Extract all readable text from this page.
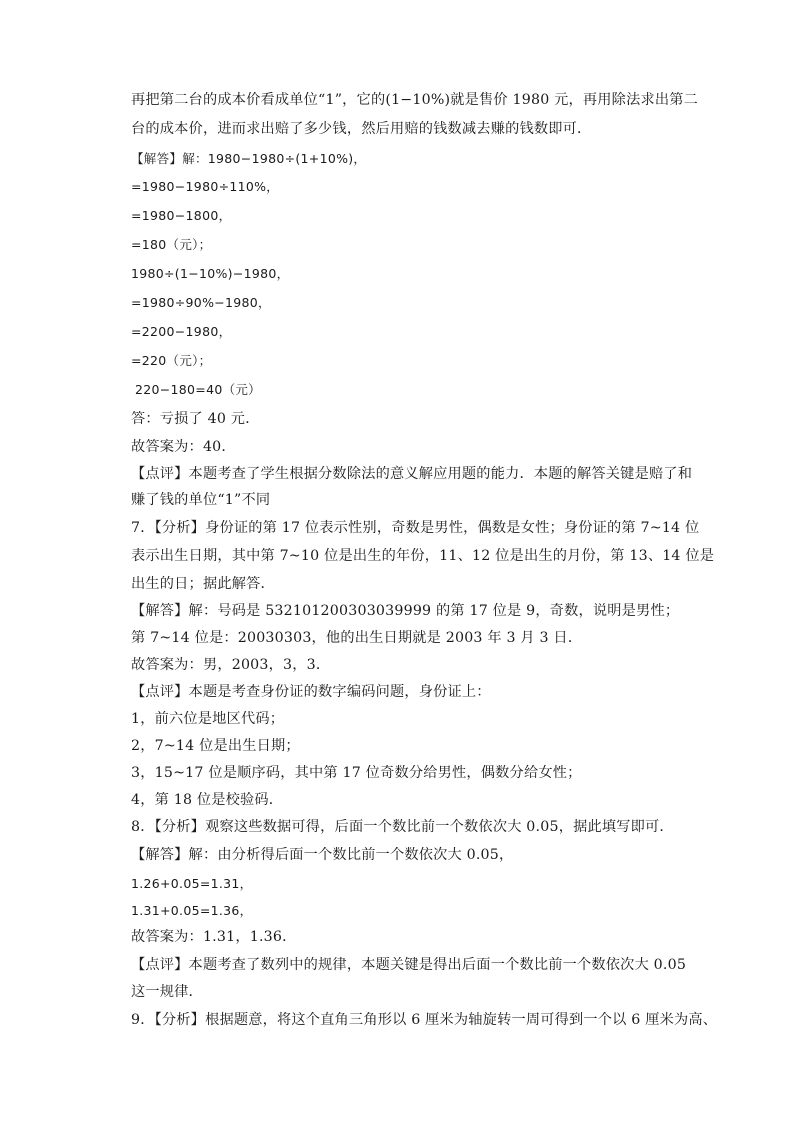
再把第二台的成本价看成单位“1”，它的(1−10%)就是售价 1980 元，再用除法求出第二
台的成本价，进而求出赔了多少钱，然后用赔的钱数减去赚的钱数即可．
【解答】解：1980−1980÷(1+10%)，
=1980−1980÷110%，
=1980−1800，
=180（元）；
1980÷(1−10%)−1980，
=1980÷90%−1980，
=2200−1980，
=220（元）；
220−180=40（元）
答：亏损了 40 元．
故答案为：40．
【点评】本题考查了学生根据分数除法的意义解应用题的能力．本题的解答关键是赔了和
赚了钱的单位“1”不同
7．【分析】身份证的第 17 位表示性别，奇数是男性，偶数是女性；身份证的第 7~14 位
表示出生日期，其中第 7~10 位是出生的年份，11、12 位是出生的月份，第 13、14 位是
出生的日；据此解答．
【解答】解：号码是 532101200303039999 的第 17 位是 9，奇数，说明是男性；
第 7~14 位是：20030303，他的出生日期就是 2003 年 3 月 3 日．
故答案为：男，2003，3，3．
【点评】本题是考查身份证的数字编码问题，身份证上：
1，前六位是地区代码；
2，7~14 位是出生日期；
3，15~17 位是顺序码，其中第 17 位奇数分给男性，偶数分给女性；
4，第 18 位是校验码．
8．【分析】观察这些数据可得，后面一个数比前一个数依次大 0.05，据此填写即可．
【解答】解：由分析得后面一个数比前一个数依次大 0.05，
1.26+0.05=1.31，
1.31+0.05=1.36，
故答案为：1.31，1.36．
【点评】本题考查了数列中的规律，本题关键是得出后面一个数比前一个数依次大 0.05
这一规律．
9．【分析】根据题意，将这个直角三角形以 6 厘米为轴旋转一周可得到一个以 6 厘米为高、
